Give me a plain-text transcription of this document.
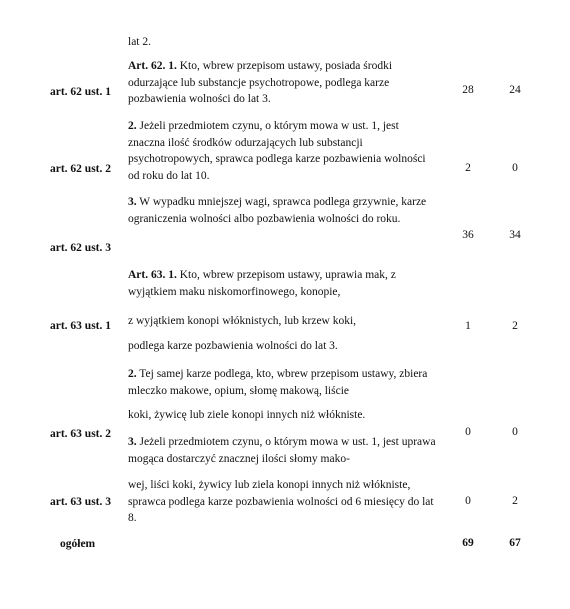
lat 2.
Art. 62. 1. Kto, wbrew przepisom ustawy, posiada środki odurzające lub substancje psychotropowe, podlega karze pozbawienia wolności do lat 3.
2. Jeżeli przedmiotem czynu, o którym mowa w ust. 1, jest znaczna ilość środków odurzających lub substancji psychotropowych, sprawca podlega karze pozbawienia wolności od roku do lat 10.
3. W wypadku mniejszej wagi, sprawca podlega grzywnie, karze ograniczenia wolności albo pozbawienia wolności do roku.
Art. 63. 1. Kto, wbrew przepisom ustawy, uprawia mak, z wyjątkiem maku niskomorfinowego, konopie,
z wyjątkiem konopi włóknistych, lub krzew koki,
podlega karze pozbawienia wolności do lat 3.
2. Tej samej karze podlega, kto, wbrew przepisom ustawy, zbiera mleczko makowe, opium, słomę makową, liście
koki, żywicę lub ziele konopi innych niż włókniste.
3. Jeżeli przedmiotem czynu, o którym mowa w ust. 1, jest uprawa mogąca dostarczyć znacznej ilości słomy mako-
wej, liści koki, żywicy lub ziela konopi innych niż włókniste, sprawca podlega karze pozbawienia wolności od 6 miesięcy do lat 8.
art. 62 ust. 1
art. 62 ust. 2
art. 62 ust. 3
art. 63 ust. 1
art. 63 ust. 2
art. 63 ust. 3
28
2
36
1
0
0
24
0
34
2
0
2
ogółem	69	67
